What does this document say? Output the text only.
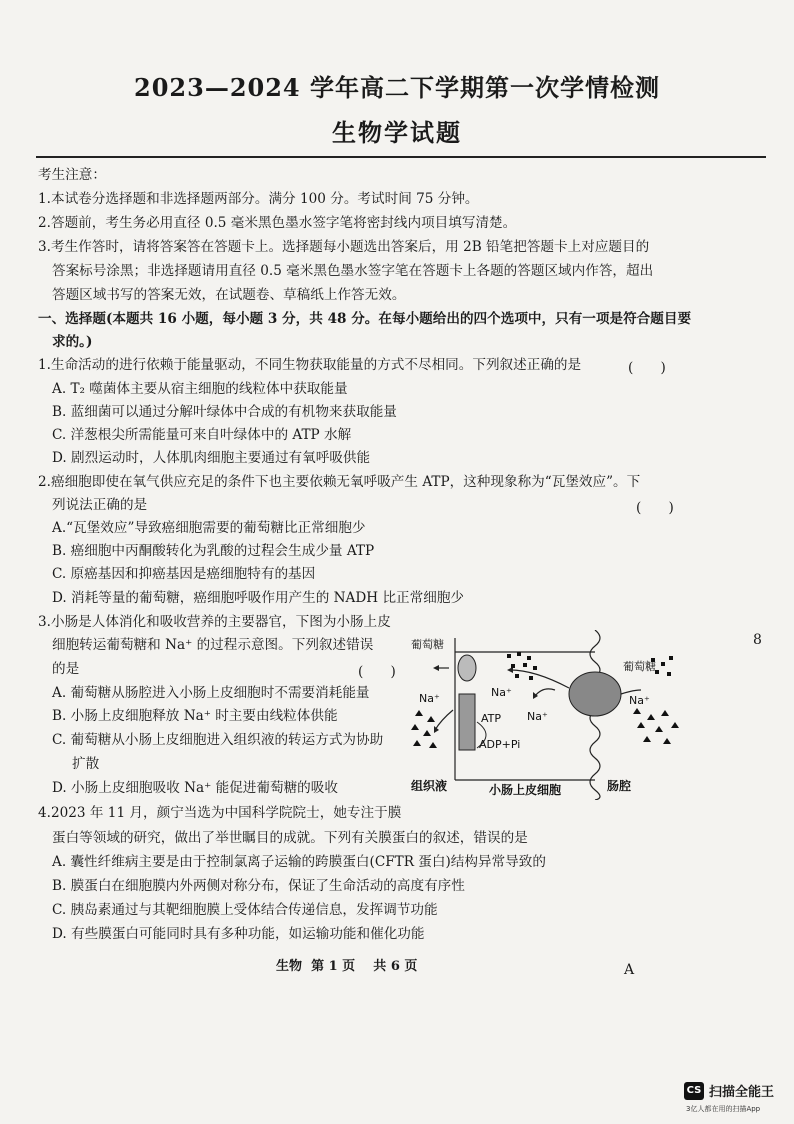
2023—2024 学年高二下学期第一次学情检测
生物学试题
考生注意：
1.本试卷分选择题和非选择题两部分。满分 100 分。考试时间 75 分钟。
2.答题前，考生务必用直径 0.5 毫米黑色墨水签字笔将密封线内项目填写清楚。
3.考生作答时，请将答案答在答题卡上。选择题每小题选出答案后，用 2B 铅笔把答题卡上对应题目的
答案标号涂黑；非选择题请用直径 0.5 毫米黑色墨水签字笔在答题卡上各题的答题区域内作答，超出
答题区域书写的答案无效，在试题卷、草稿纸上作答无效。
一、选择题(本题共 16 小题，每小题 3 分，共 48 分。在每小题给出的四个选项中，只有一项是符合题目要
求的。)
1.生命活动的进行依赖于能量驱动，不同生物获取能量的方式不尽相同。下列叙述正确的是	(　　)
A. T₂ 噬菌体主要从宿主细胞的线粒体中获取能量
B. 蓝细菌可以通过分解叶绿体中合成的有机物来获取能量
C. 洋葱根尖所需能量可来自叶绿体中的 ATP 水解
D. 剧烈运动时，人体肌肉细胞主要通过有氧呼吸供能
2.癌细胞即使在氧气供应充足的条件下也主要依赖无氧呼吸产生 ATP，这种现象称为“瓦堡效应”。下
列说法正确的是	(　　)
A.“瓦堡效应”导致癌细胞需要的葡萄糖比正常细胞少
B. 癌细胞中丙酮酸转化为乳酸的过程会生成少量 ATP
C. 原癌基因和抑癌基因是癌细胞特有的基因
D. 消耗等量的葡萄糖，癌细胞呼吸作用产生的 NADH 比正常细胞少
3.小肠是人体消化和吸收营养的主要器官，下图为小肠上皮
细胞转运葡萄糖和 Na⁺ 的过程示意图。下列叙述错误
的是	(　　)
A. 葡萄糖从肠腔进入小肠上皮细胞时不需要消耗能量
B. 小肠上皮细胞释放 Na⁺ 时主要由线粒体供能
C. 葡萄糖从小肠上皮细胞进入组织液的转运方式为协助
扩散
D. 小肠上皮细胞吸收 Na⁺ 能促进葡萄糖的吸收
葡萄糖
葡萄糖
Na⁺	Na⁺
Na⁺
Na⁺
ATP
ADP+Pi
组织液	小肠上皮细胞	肠腔
4.2023 年 11 月，颜宁当选为中国科学院院士，她专注于膜
蛋白等领域的研究，做出了举世瞩目的成就。下列有关膜蛋白的叙述，错误的是
A. 囊性纤维病主要是由于控制氯离子运输的跨膜蛋白(CFTR 蛋白)结构异常导致的
B. 膜蛋白在细胞膜内外两侧对称分布，保证了生命活动的高度有序性
C. 胰岛素通过与其靶细胞膜上受体结合传递信息，发挥调节功能
D. 有些膜蛋白可能同时具有多种功能，如运输功能和催化功能
生物 第 1 页 共 6 页	A
8
CS 扫描全能王
3亿人都在用的扫描App
